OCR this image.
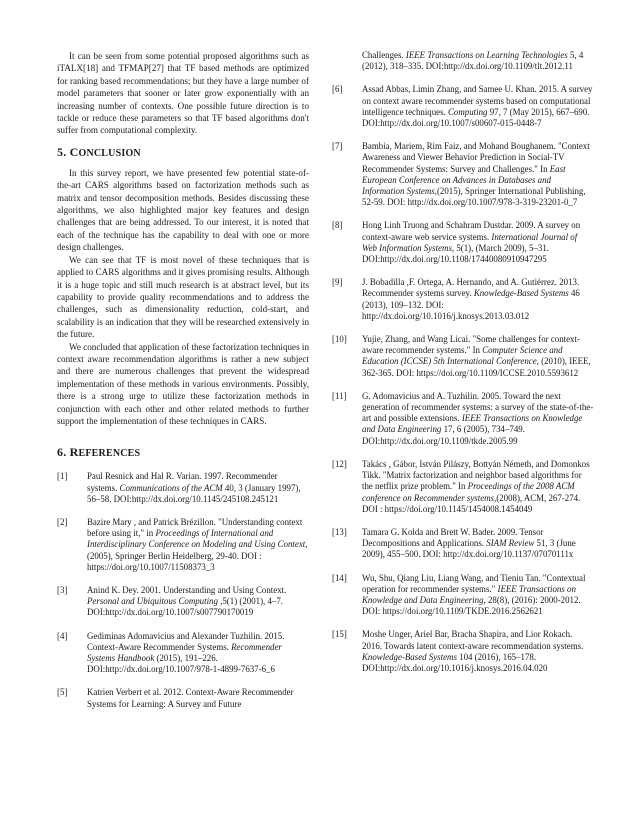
It can be seen from some potential proposed algorithms such as iTALX[18] and TFMAP[27] that TF based methods are optimized for ranking based recommendations; but they have a large number of model parameters that sooner or later grow exponentially with an increasing number of contexts. One possible future direction is to tackle or reduce these parameters so that TF based algorithms don't suffer from computational complexity.

5. CONCLUSION

In this survey report, we have presented few potential state-of-the-art CARS algorithms based on factorization methods such as matrix and tensor decomposition methods. Besides discussing these algorithms, we also highlighted major key features and design challenges that are being addressed. To our interest, it is noted that each of the technique has the capability to deal with one or more design challenges.

We can see that TF is most novel of these techniques that is applied to CARS algorithms and it gives promising results. Although it is a huge topic and still much research is at abstract level, but its capability to provide quality recommendations and to address the challenges, such as dimensionality reduction, cold-start, and scalability is an indication that they will be researched extensively in the future.

We concluded that application of these factorization techniques in context aware recommendation algorithms is rather a new subject and there are numerous challenges that prevent the widespread implementation of these methods in various environments. Possibly, there is a strong urge to utilize these factorization methods in conjunction with each other and other related methods to further support the implementation of these techniques in CARS.

6. REFERENCES
[1]	Paul Resnick and Hal R. Varian. 1997. Recommender systems. Communications of the ACM 40, 3 (January 1997), 56–58. DOI:http://dx.doi.org/10.1145/245108.245121
[2]	Bazire Mary , and Patrick Brézillon. "Understanding context before using it," in Proceedings of International and Interdisciplinary Conference on Modeling and Using Context,(2005), Springer Berlin Heidelberg, 29-40. DOI : https://doi.org/10.1007/11508373_3
[3]	Anind K. Dey. 2001. Understanding and Using Context. Personal and Ubiquitous Computing ,5(1) (2001), 4–7. DOI:http://dx.doi.org/10.1007/s007790170019
[4]	Gediminas Adomavicius and Alexander Tuzhilin. 2015. Context-Aware Recommender Systems. Recommender Systems Handbook (2015), 191–226. DOI:http://dx.doi.org/10.1007/978-1-4899-7637-6_6
[5]	Katrien Verbert et al. 2012. Context-Aware Recommender Systems for Learning: A Survey and Future
Challenges. IEEE Transactions on Learning Technologies 5, 4 (2012), 318–335. DOI:http://dx.doi.org/10.1109/tlt.2012.11
[6]	Assad Abbas, Limin Zhang, and Samee U. Khan. 2015. A survey on context aware recommender systems based on computational intelligence techniques. Computing 97, 7 (May 2015), 667–690. DOI:http://dx.doi.org/10.1007/s00607-015-0448-7
[7]	Bambia, Mariem, Rim Faiz, and Mohand Boughanem. "Context Awareness and Viewer Behavior Prediction in Social-TV Recommender Systems: Survey and Challenges." In East European Conference on Advances in Databases and Information Systems,(2015), Springer International Publishing, 52-59. DOI: http://dx.doi.org/10.1007/978-3-319-23201-0_7
[8]	Hong Linh Truong and Schahram Dustdar. 2009. A survey on context-aware web service systems. International Journal of Web Information Systems, 5(1), (March 2009), 5–31. DOI:http://dx.doi.org/10.1108/17440080910947295
[9]	J. Bobadilla ,F. Ortega, A. Hernando, and A. Gutiérrez. 2013. Recommender systems survey. Knowledge-Based Systems 46 (2013), 109–132. DOI: http://dx.doi.org/10.1016/j.knosys.2013.03.012
[10]	Yujie, Zhang, and Wang Licai. "Some challenges for context-aware recommender systems." In Computer Science and Education (ICCSE) 5th International Conference, (2010), IEEE, 362-365. DOI: https://doi.org/10.1109/ICCSE.2010.5593612
[11]	G. Adomavicius and A. Tuzhilin. 2005. Toward the next generation of recommender systems: a survey of the state-of-the-art and possible extensions. IEEE Transactions on Knowledge and Data Engineering 17, 6 (2005), 734–749. DOI:http://dx.doi.org/10.1109/tkde.2005.99
[12]	Takács , Gábor, István Pilászy, Bottyán Németh, and Domonkos Tikk. "Matrix factorization and neighbor based algorithms for the netflix prize problem." In Proceedings of the 2008 ACM conference on Recommender systems,(2008), ACM, 267-274. DOI : https://doi.org/10.1145/1454008.1454049
[13]	Tamara G. Kolda and Brett W. Bader. 2009. Tensor Decompositions and Applications. SIAM Review 51, 3 (June 2009), 455–500. DOI: http://dx.doi.org/10.1137/07070111x
[14]	Wu, Shu, Qiang Liu, Liang Wang, and Tieniu Tan. "Contextual operation for recommender systems." IEEE Transactions on Knowledge and Data Engineering, 28(8), (2016): 2000-2012. DOI: https://doi.org/10.1109/TKDE.2016.2562621
[15]	Moshe Unger, Ariel Bar, Bracha Shapira, and Lior Rokach. 2016. Towards latent context-aware recommendation systems. Knowledge-Based Systems 104 (2016), 165–178. DOI:http://dx.doi.org/10.1016/j.knosys.2016.04.020
